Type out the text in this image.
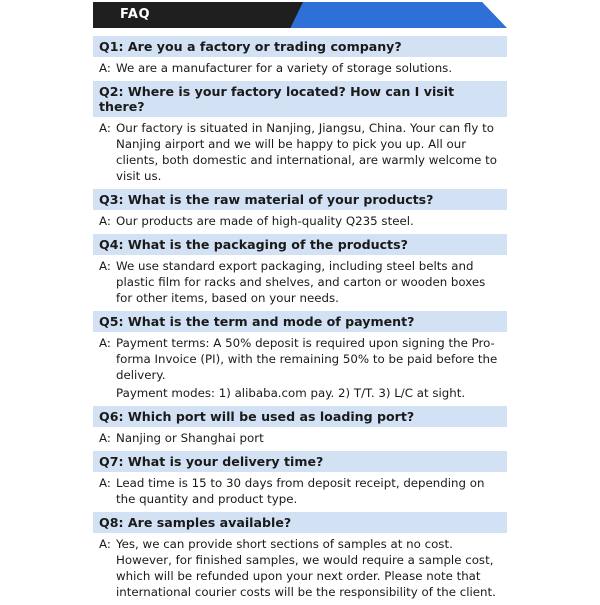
FAQ
Q1: Are you a factory or trading company?
A: We are a manufacturer for a variety of storage solutions.
Q2: Where is your factory located? How can I visit there?
A: Our factory is situated in Nanjing, Jiangsu, China. Your can fly to Nanjing airport and we will be happy to pick you up. All our clients, both domestic and international, are warmly welcome to visit us.
Q3: What is the raw material of your products?
A: Our products are made of high-quality Q235 steel.
Q4: What is the packaging of the products?
A: We use standard export packaging, including steel belts and plastic film for racks and shelves, and carton or wooden boxes for other items, based on your needs.
Q5: What is the term and mode of payment?
A: Payment terms: A 50% deposit is required upon signing the Pro-forma Invoice (PI), with the remaining 50% to be paid before the delivery.
Payment modes: 1) alibaba.com pay. 2) T/T. 3) L/C at sight.
Q6: Which port will be used as loading port?
A: Nanjing or Shanghai port
Q7: What is your delivery time?
A: Lead time is 15 to 30 days from deposit receipt, depending on the quantity and product type.
Q8: Are samples available?
A: Yes, we can provide short sections of samples at no cost. However, for finished samples, we would require a sample cost, which will be refunded upon your next order. Please note that international courier costs will be the responsibility of the client.
